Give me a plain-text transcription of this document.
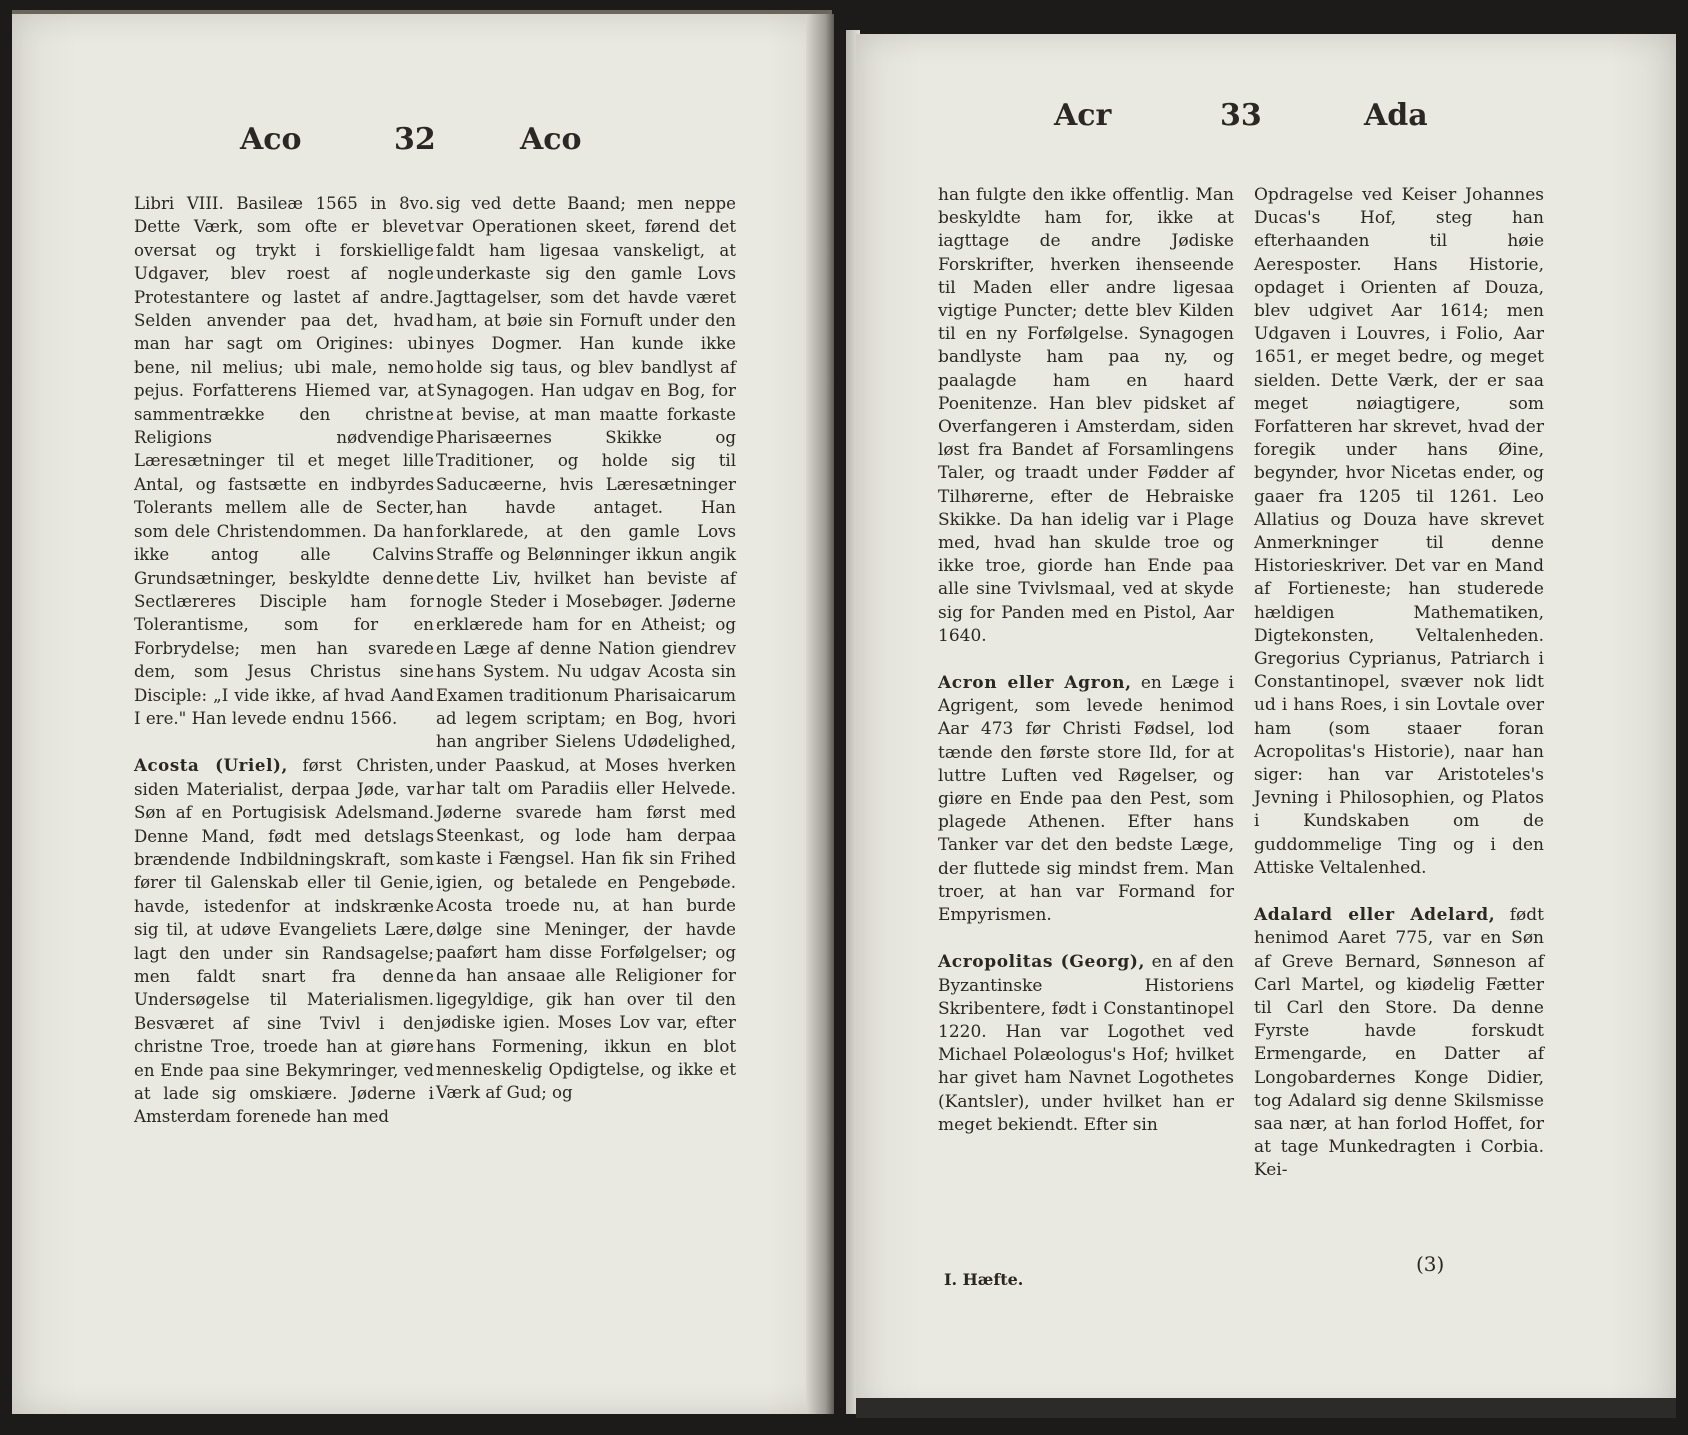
Aco	32	Aco

Libri VIII. Basileæ 1565 in 8vo. Dette Værk, som ofte er blevet oversat og trykt i forskiellige Udgaver, blev roest af nogle Protestantere og lastet af andre. Selden anvender paa det, hvad man har sagt om Origines: ubi bene, nil melius; ubi male, nemo pejus. Forfatterens Hiemed var, at sammentrække den christne Religions nødvendige Læresætninger til et meget lille Antal, og fastsætte en indbyrdes Tolerants mellem alle de Secter, som dele Christendommen. Da han ikke antog alle Calvins Grundsætninger, beskyldte denne Sectlæreres Disciple ham for Tolerantisme, som for en Forbrydelse; men han svarede dem, som Jesus Christus sine Disciple: „I vide ikke, af hvad Aand I ere." Han levede endnu 1566.

Acosta (Uriel), først Christen, siden Materialist, derpaa Jøde, var Søn af en Portugisisk Adelsmand. Denne Mand, født med detslags brændende Indbildningskraft, som fører til Galenskab eller til Genie, havde, istedenfor at indskrænke sig til, at udøve Evangeliets Lære, lagt den under sin Randsagelse; men faldt snart fra denne Undersøgelse til Materialismen. Besværet af sine Tvivl i den christne Troe, troede han at giøre en Ende paa sine Bekymringer, ved at lade sig omskiære. Jøderne i Amsterdam forenede han med

sig ved dette Baand; men neppe var Operationen skeet, førend det faldt ham ligesaa vanskeligt, at underkaste sig den gamle Lovs Jagttagelser, som det havde været ham, at bøie sin Fornuft under den nyes Dogmer. Han kunde ikke holde sig taus, og blev bandlyst af Synagogen. Han udgav en Bog, for at bevise, at man maatte forkaste Pharisæernes Skikke og Traditioner, og holde sig til Saducæerne, hvis Læresætninger han havde antaget. Han forklarede, at den gamle Lovs Straffe og Belønninger ikkun angik dette Liv, hvilket han beviste af nogle Steder i Mosebøger. Jøderne erklærede ham for en Atheist; og en Læge af denne Nation giendrev hans System. Nu udgav Acosta sin Examen traditionum Pharisaicarum ad legem scriptam; en Bog, hvori han angriber Sielens Udødelighed, under Paaskud, at Moses hverken har talt om Paradiis eller Helvede. Jøderne svarede ham først med Steenkast, og lode ham derpaa kaste i Fængsel. Han fik sin Frihed igien, og betalede en Pengebøde. Acosta troede nu, at han burde dølge sine Meninger, der havde paaført ham disse Forfølgelser; og da han ansaae alle Religioner for ligegyldige, gik han over til den jødiske igien. Moses Lov var, efter hans Formening, ikkun en blot menneskelig Opdigtelse, og ikke et Værk af Gud; og

Acr	33	Ada

han fulgte den ikke offentlig. Man beskyldte ham for, ikke at iagttage de andre Jødiske Forskrifter, hverken ihenseende til Maden eller andre ligesaa vigtige Puncter; dette blev Kilden til en ny Forfølgelse. Synagogen bandlyste ham paa ny, og paalagde ham en haard Poenitenze. Han blev pidsket af Overfangeren i Amsterdam, siden løst fra Bandet af Forsamlingens Taler, og traadt under Fødder af Tilhørerne, efter de Hebraiske Skikke. Da han idelig var i Plage med, hvad han skulde troe og ikke troe, giorde han Ende paa alle sine Tvivlsmaal, ved at skyde sig for Panden med en Pistol, Aar 1640.

Acron eller Agron, en Læge i Agrigent, som levede henimod Aar 473 før Christi Fødsel, lod tænde den første store Ild, for at luttre Luften ved Røgelser, og giøre en Ende paa den Pest, som plagede Athenen. Efter hans Tanker var det den bedste Læge, der fluttede sig mindst frem. Man troer, at han var Formand for Empyrismen.

Acropolitas (Georg), en af den Byzantinske Historiens Skribentere, født i Constantinopel 1220. Han var Logothet ved Michael Polæologus's Hof; hvilket har givet ham Navnet Logothetes (Kantsler), under hvilket han er meget bekiendt. Efter sin

Opdragelse ved Keiser Johannes Ducas's Hof, steg han efterhaanden til høie Aeresposter. Hans Historie, opdaget i Orienten af Douza, blev udgivet Aar 1614; men Udgaven i Louvres, i Folio, Aar 1651, er meget bedre, og meget sielden. Dette Værk, der er saa meget nøiagtigere, som Forfatteren har skrevet, hvad der foregik under hans Øine, begynder, hvor Nicetas ender, og gaaer fra 1205 til 1261. Leo Allatius og Douza have skrevet Anmerkninger til denne Historieskriver. Det var en Mand af Fortieneste; han studerede hældigen Mathematiken, Digtekonsten, Veltalenheden. Gregorius Cyprianus, Patriarch i Constantinopel, svæver nok lidt ud i hans Roes, i sin Lovtale over ham (som staaer foran Acropolitas's Historie), naar han siger: han var Aristoteles's Jevning i Philosophien, og Platos i Kundskaben om de guddommelige Ting og i den Attiske Veltalenhed.

Adalard eller Adelard, født henimod Aaret 775, var en Søn af Greve Bernard, Sønneson af Carl Martel, og kiødelig Fætter til Carl den Store. Da denne Fyrste havde forskudt Ermengarde, en Datter af Longobardernes Konge Didier, tog Adalard sig denne Skilsmisse saa nær, at han forlod Hoffet, for at tage Munkedragten i Corbia. Kei-

I. Hæfte.
(3)
